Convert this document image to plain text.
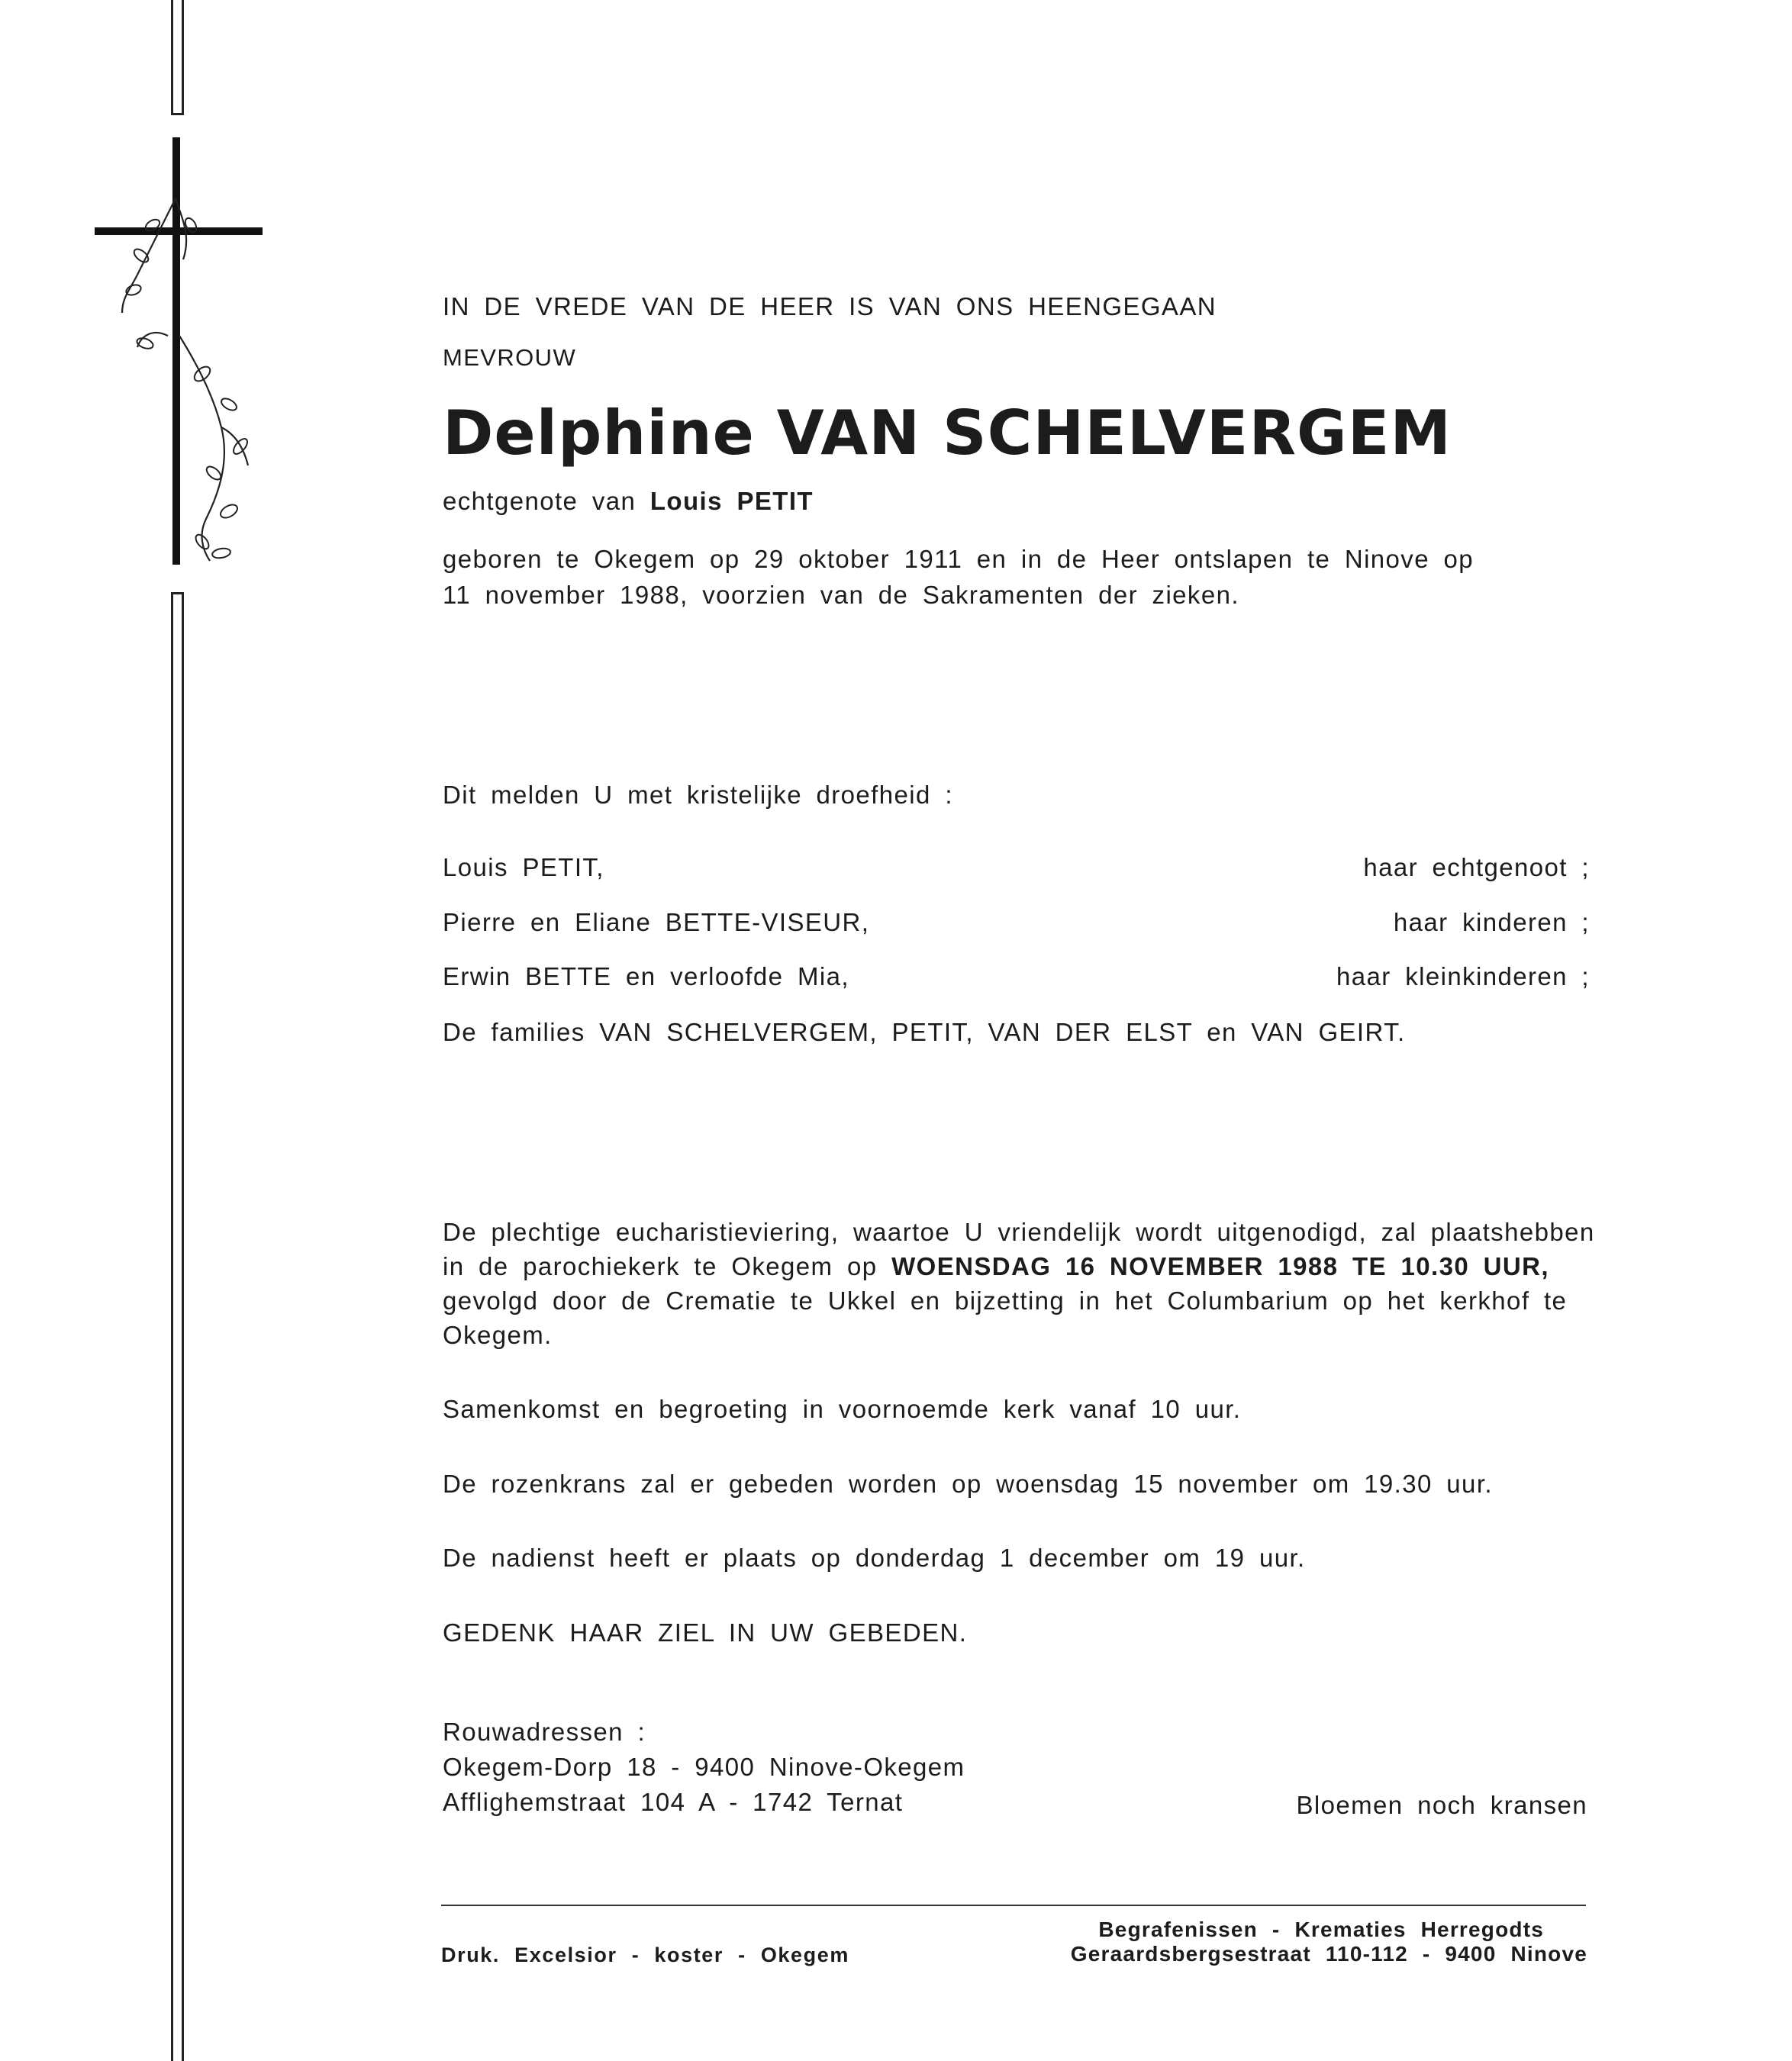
IN DE VREDE VAN DE HEER IS VAN ONS HEENGEGAAN
MEVROUW
Delphine VAN SCHELVERGEM
echtgenote van Louis PETIT
geboren te Okegem op 29 oktober 1911 en in de Heer ontslapen te Ninove op
11 november 1988, voorzien van de Sakramenten der zieken.
Dit melden U met kristelijke droefheid :
Louis PETIT,	haar echtgenoot ;
Pierre en Eliane BETTE-VISEUR,	haar kinderen ;
Erwin BETTE en verloofde Mia,	haar kleinkinderen ;
De families VAN SCHELVERGEM, PETIT, VAN DER ELST en VAN GEIRT.
De plechtige eucharistieviering, waartoe U vriendelijk wordt uitgenodigd, zal plaatshebben
in de parochiekerk te Okegem op WOENSDAG 16 NOVEMBER 1988 TE 10.30 UUR,
gevolgd door de Crematie te Ukkel en bijzetting in het Columbarium op het kerkhof te
Okegem.
Samenkomst en begroeting in voornoemde kerk vanaf 10 uur.
De rozenkrans zal er gebeden worden op woensdag 15 november om 19.30 uur.
De nadienst heeft er plaats op donderdag 1 december om 19 uur.
GEDENK HAAR ZIEL IN UW GEBEDEN.
Rouwadressen :
Okegem-Dorp 18 - 9400 Ninove-Okegem
Afflighemstraat 104 A - 1742 Ternat	Bloemen noch kransen
Druk. Excelsior - koster - Okegem
Begrafenissen - Krematies Herregodts
Geraardsbergsestraat 110-112 - 9400 Ninove
